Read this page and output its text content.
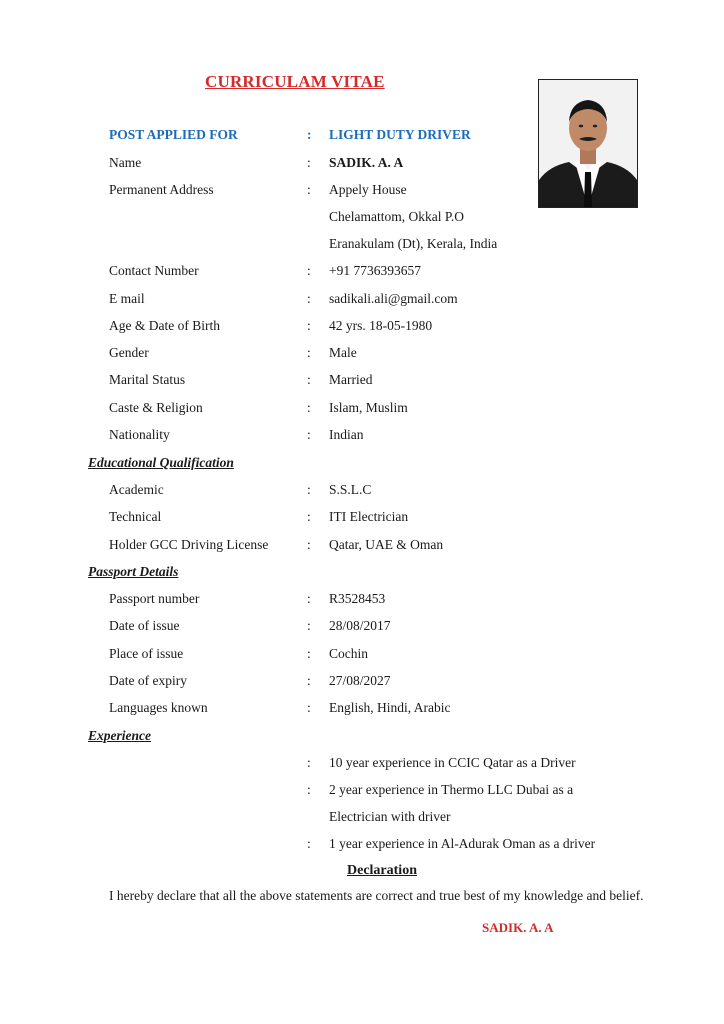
CURRICULAM VITAE
POST APPLIED FOR	: LIGHT DUTY DRIVER
Name	: SADIK. A. A
Permanent Address	: Appely House
Chelamattom, Okkal P.O
Eranakulam (Dt), Kerala, India
Contact Number	: +91 7736393657
E mail	: sadikali.ali@gmail.com
Age & Date of Birth	: 42 yrs. 18-05-1980
Gender	: Male
Marital Status	: Married
Caste & Religion	: Islam, Muslim
Nationality	: Indian
Educational Qualification
Academic	: S.S.L.C
Technical	: ITI Electrician
Holder GCC Driving License	: Qatar, UAE & Oman
Passport Details
Passport number	: R3528453
Date of issue	: 28/08/2017
Place of issue	: Cochin
Date of expiry	: 27/08/2027
Languages known	: English, Hindi, Arabic
Experience
: 10 year experience in CCIC Qatar as a Driver
: 2 year experience in Thermo LLC Dubai as a
Electrician with driver
: 1 year experience in Al-Adurak Oman as a driver
Declaration
I hereby declare that all the above statements are correct and true best of my knowledge and belief.
SADIK. A. A
